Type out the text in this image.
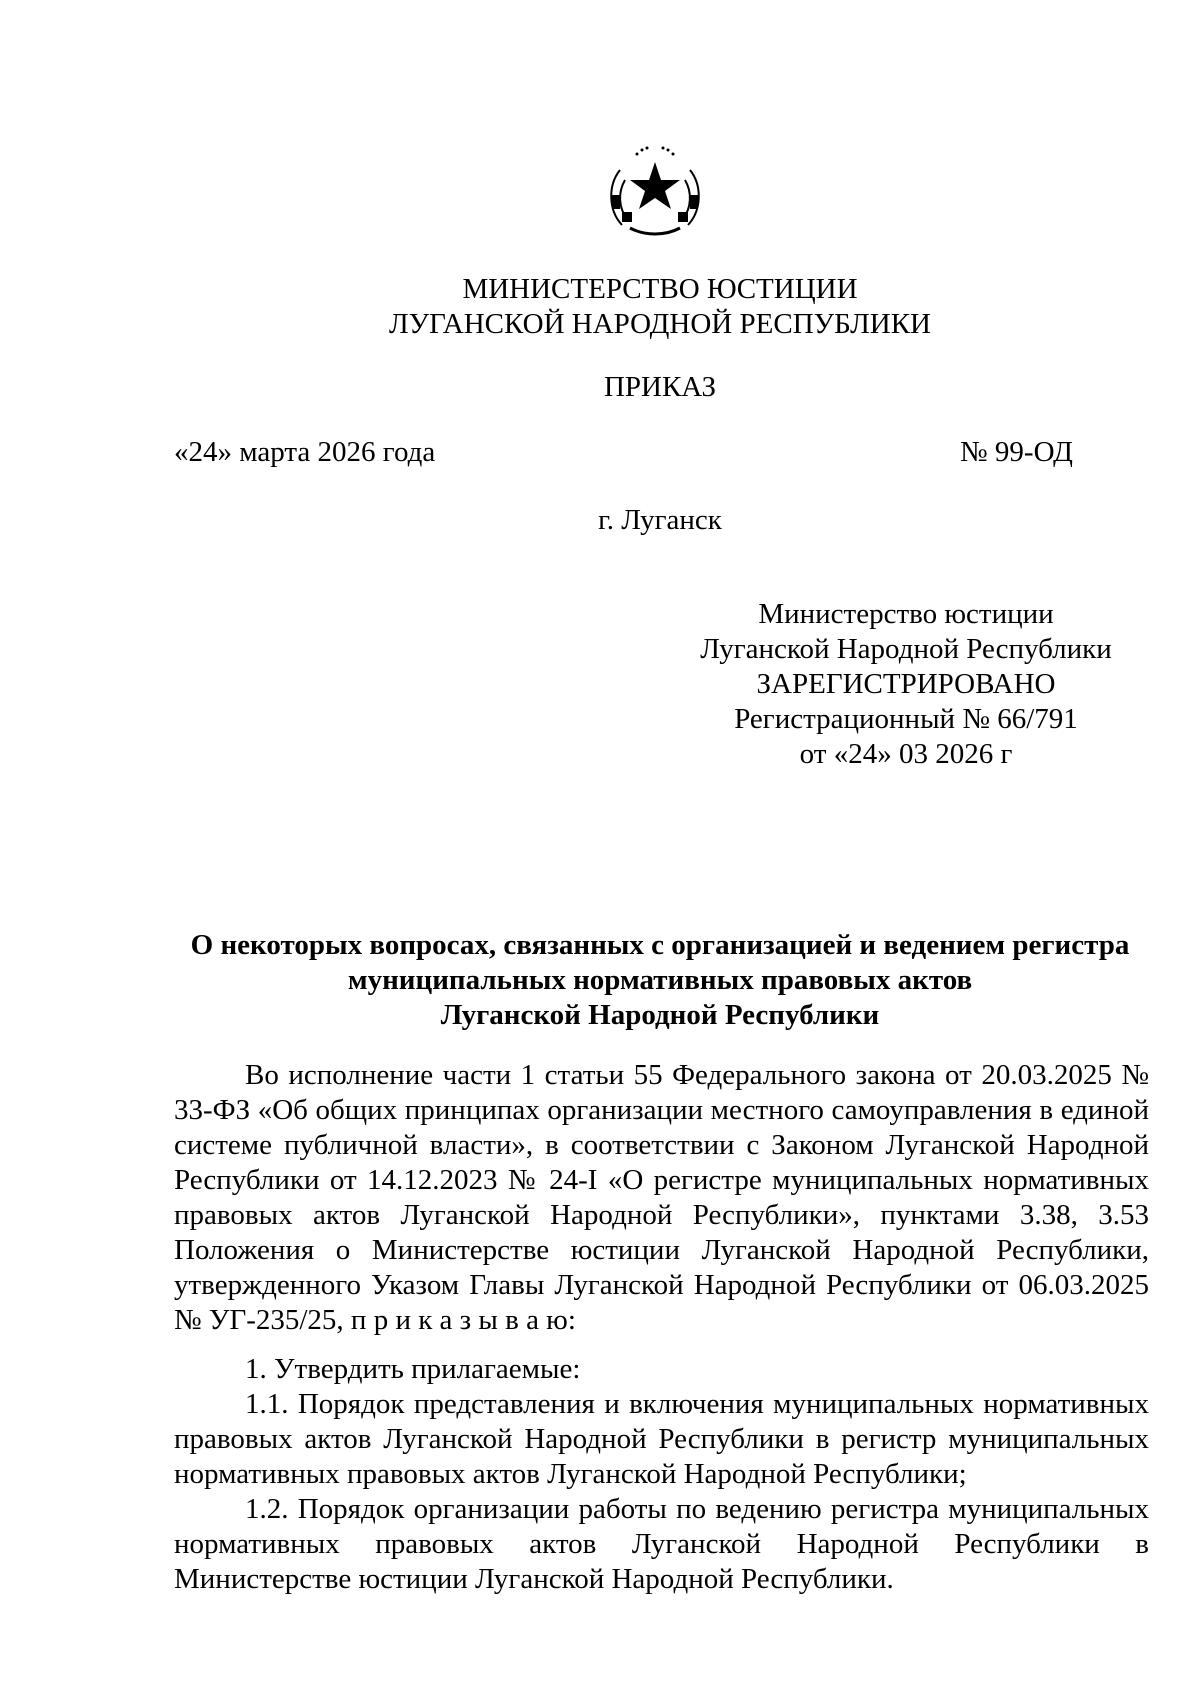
МИНИСТЕРСТВО ЮСТИЦИИ
ЛУГАНСКОЙ НАРОДНОЙ РЕСПУБЛИКИ
ПРИКАЗ
«24» марта 2026 года	№ 99-ОД
г. Луганск
Министерство юстиции
Луганской Народной Республики
ЗАРЕГИСТРИРОВАНО
Регистрационный № 66/791
от «24» 03 2026 г
О некоторых вопросах, связанных с организацией и ведением регистра
муниципальных нормативных правовых актов
Луганской Народной Республики

Во исполнение части 1 статьи 55 Федерального закона от 20.03.2025 № 33-ФЗ «Об общих принципах организации местного самоуправления в единой системе публичной власти», в соответствии с Законом Луганской Народной Республики от 14.12.2023 № 24-I «О регистре муниципальных нормативных правовых актов Луганской Народной Республики», пунктами 3.38, 3.53 Положения о Министерстве юстиции Луганской Народной Республики, утвержденного Указом Главы Луганской Народной Республики от 06.03.2025 № УГ-235/25, п р и к а з ы в а ю:

1. Утвердить прилагаемые:

1.1. Порядок представления и включения муниципальных нормативных правовых актов Луганской Народной Республики в регистр муниципальных нормативных правовых актов Луганской Народной Республики;

1.2. Порядок организации работы по ведению регистра муниципальных нормативных правовых актов Луганской Народной Республики в Министерстве юстиции Луганской Народной Республики.
